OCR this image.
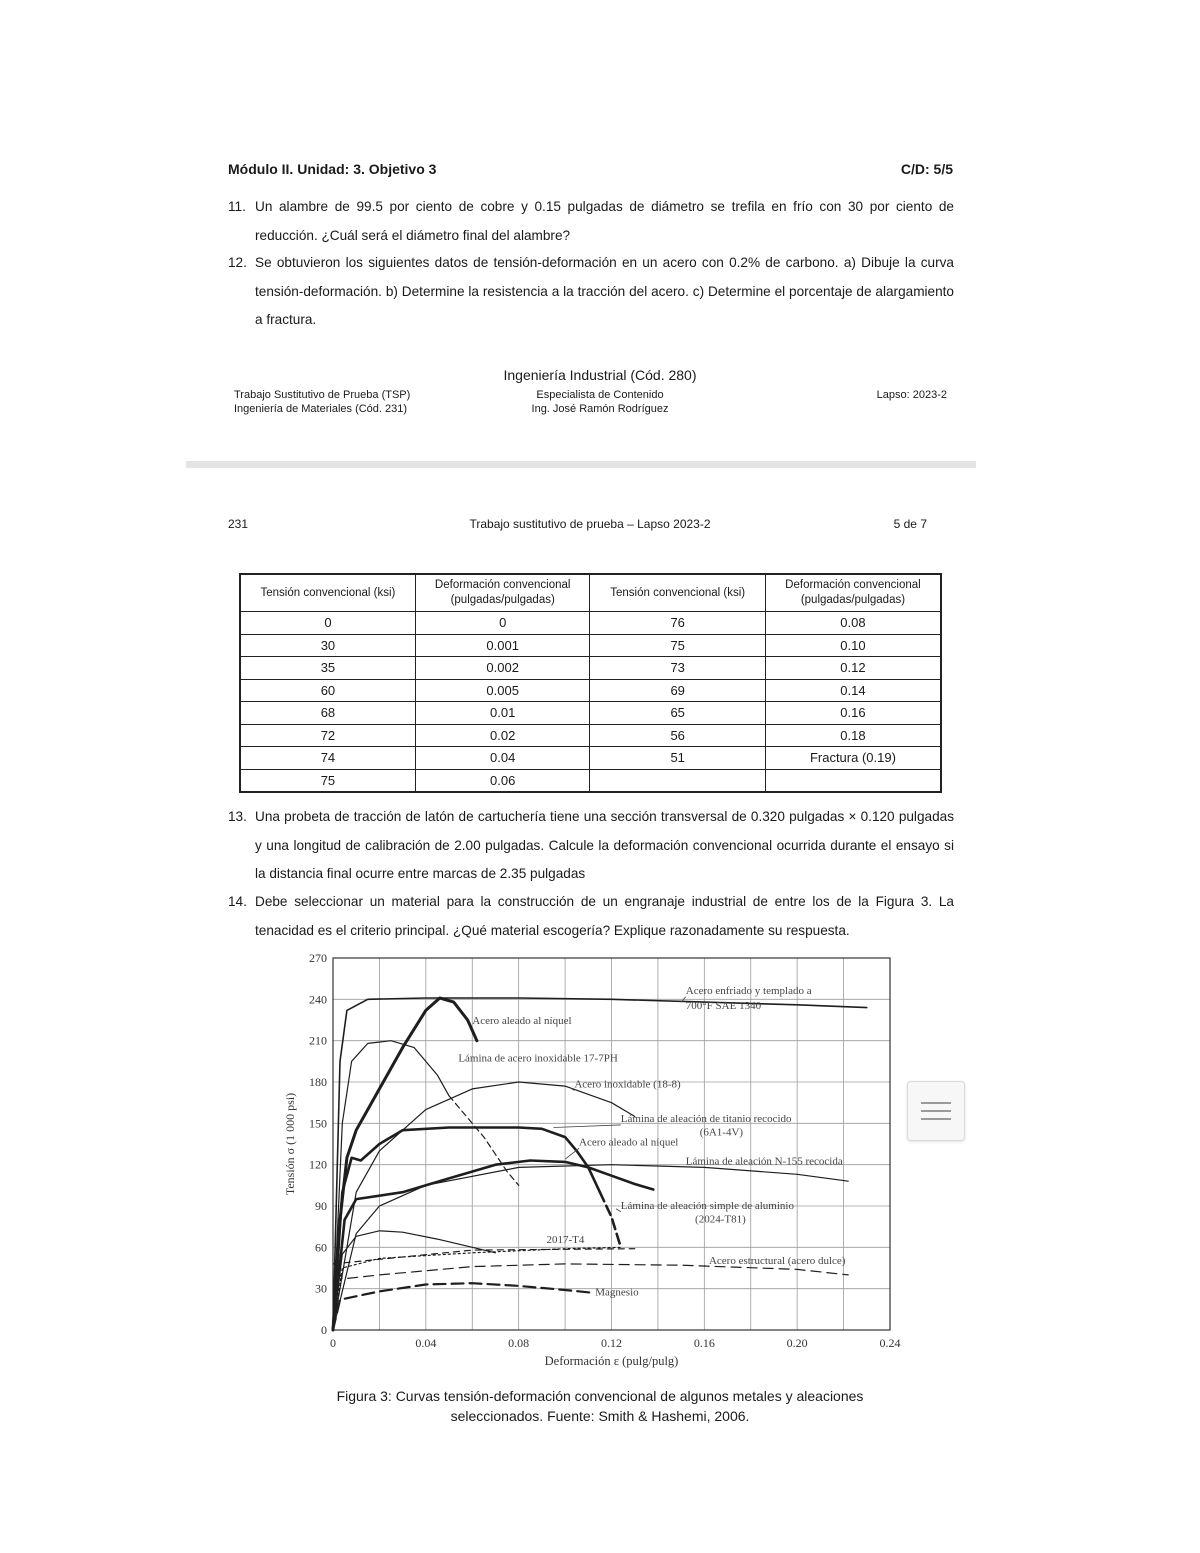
Módulo II. Unidad: 3. Objetivo 3	C/D: 5/5
11. Un alambre de 99.5 por ciento de cobre y 0.15 pulgadas de diámetro se trefila en frío con 30 por ciento de reducción. ¿Cuál será el diámetro final del alambre?
12. Se obtuvieron los siguientes datos de tensión-deformación en un acero con 0.2% de carbono. a) Dibuje la curva tensión-deformación. b) Determine la resistencia a la tracción del acero. c) Determine el porcentaje de alargamiento a fractura.
Ingeniería Industrial (Cód. 280)
Trabajo Sustitutivo de Prueba (TSP)
Ingeniería de Materiales (Cód. 231)
Especialista de Contenido
Ing. José Ramón Rodríguez
Lapso: 2023-2
231	Trabajo sustitutivo de prueba – Lapso 2023-2	5 de 7
Tensión convencional (ksi)	Deformación convencional (pulgadas/pulgadas)	Tensión convencional (ksi)	Deformación convencional (pulgadas/pulgadas)
0	0	76	0.08
30	0.001	75	0.10
35	0.002	73	0.12
60	0.005	69	0.14
68	0.01	65	0.16
72	0.02	56	0.18
74	0.04	51	Fractura (0.19)
75	0.06		
13. Una probeta de tracción de latón de cartuchería tiene una sección transversal de 0.320 pulgadas × 0.120 pulgadas y una longitud de calibración de 2.00 pulgadas. Calcule la deformación convencional ocurrida durante el ensayo si la distancia final ocurre entre marcas de 2.35 pulgadas
14. Debe seleccionar un material para la construcción de un engranaje industrial de entre los de la Figura 3. La tenacidad es el criterio principal. ¿Qué material escogería? Explique razonadamente su respuesta.
0	0.04	0.08	0.12	0.16	0.20	0.24
0
30
60
90
120
150
180
210
240
270
Deformación ε (pulg/pulg)
Tensión σ (1 000 psi)
Acero enfriado y templado a
700°F SAE 1340
Acero aleado al níquel
Lámina de acero inoxidable 17-7PH
Acero inoxidable (18-8)
Lámina de aleación de titanio recocido
(6A1-4V)
Acero aleado al níquel
Lámina de aleación N-155 recocida
Lámina de aleación simple de aluminio
(2024-T81)
2017-T4
Acero estructural (acero dulce)
Magnesio
Figura 3: Curvas tensión-deformación convencional de algunos metales y aleaciones seleccionados. Fuente: Smith & Hashemi, 2006.
